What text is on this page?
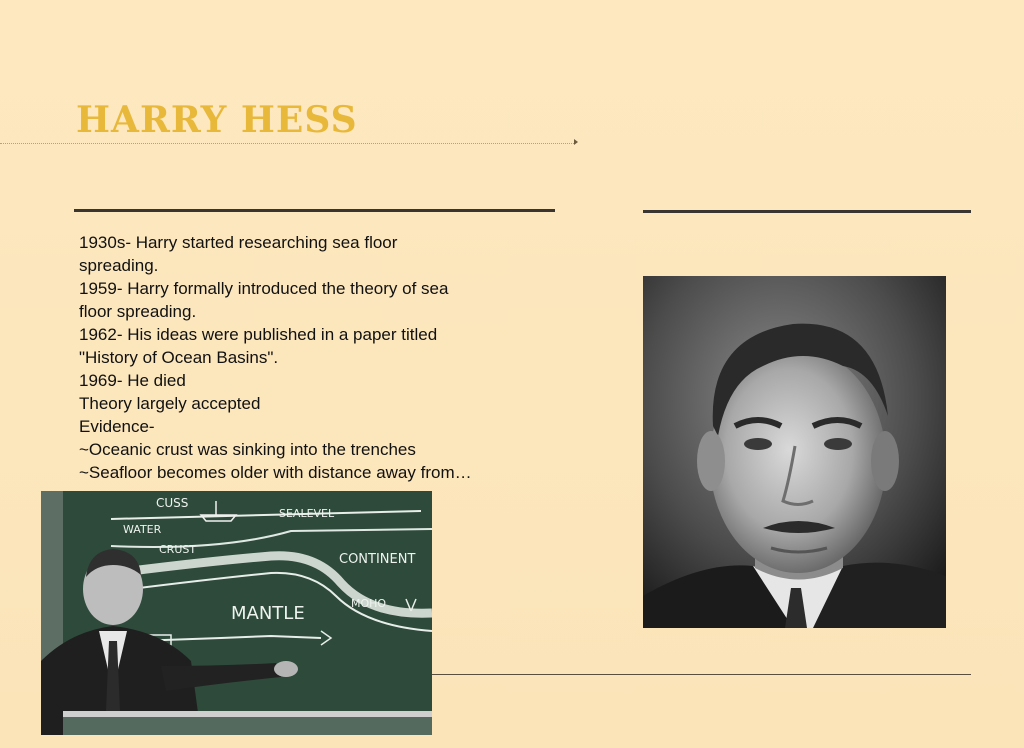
HARRY HESS
1930s- Harry started researching sea floor
spreading.
1959- Harry formally introduced the theory of sea
floor spreading.
1962- His ideas were published in a paper titled
"History of Ocean Basins".
1969- He died
Theory largely accepted
Evidence-
~Oceanic crust was sinking into the trenches
~Seafloor becomes older with distance away from…
CUSS
WATER
SEALEVEL
CRUST
CONTINENT
MOHO
MANTLE
